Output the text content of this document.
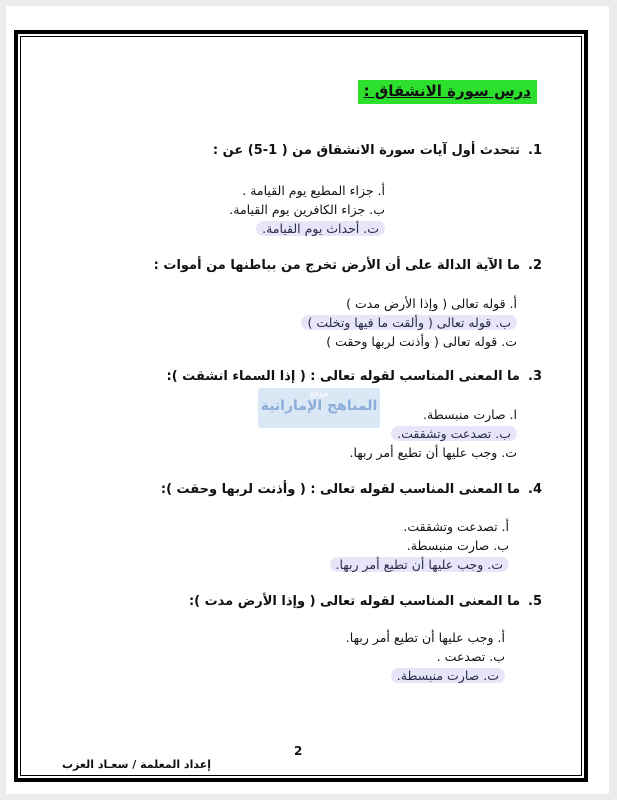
درس سورة الانشقاق :
1.تتحدث أول آيات سورة الانشقاق من ( 1-5) عن :
أ. جزاء المطيع يوم القيامة .
ب. جزاء الكافرين يوم القيامة.
ت. أحداث يوم القيامة.
2.ما الآية الدالة على أن الأرض تخرج من بباطنها من أموات :
أ. قوله تعالى ( وإذا الأرض مدت )
ب. قوله تعالى ( وألقت ما فيها وتخلت )
ت. قوله تعالى ( وأذنت لربها وحقت )
3.ما المعنى المناسب لقوله تعالى : ( إذا السماء انشقت ):
ا. صارت منبسطة.
ب. تصدعت وتشققت.
ت. وجب عليها أن تطيع أمر ربها.
موقع
المناهج الإماراتية
4.ما المعنى المناسب لقوله تعالى : ( وأذنت لربها وحقت ):
أ. تصدعت وتشققت.
ب. صارت منبسطة.
ت. وجب عليها أن تطيع أمر ربها.
5.ما المعنى المناسب لقوله تعالى ( وإذا الأرض مدت ):
أ. وجب عليها أن تطيع أمر ربها.
ب. تصدعت .
ت. صارت منبسطة.
2
إعداد المعلمة / سعـاد العزب
